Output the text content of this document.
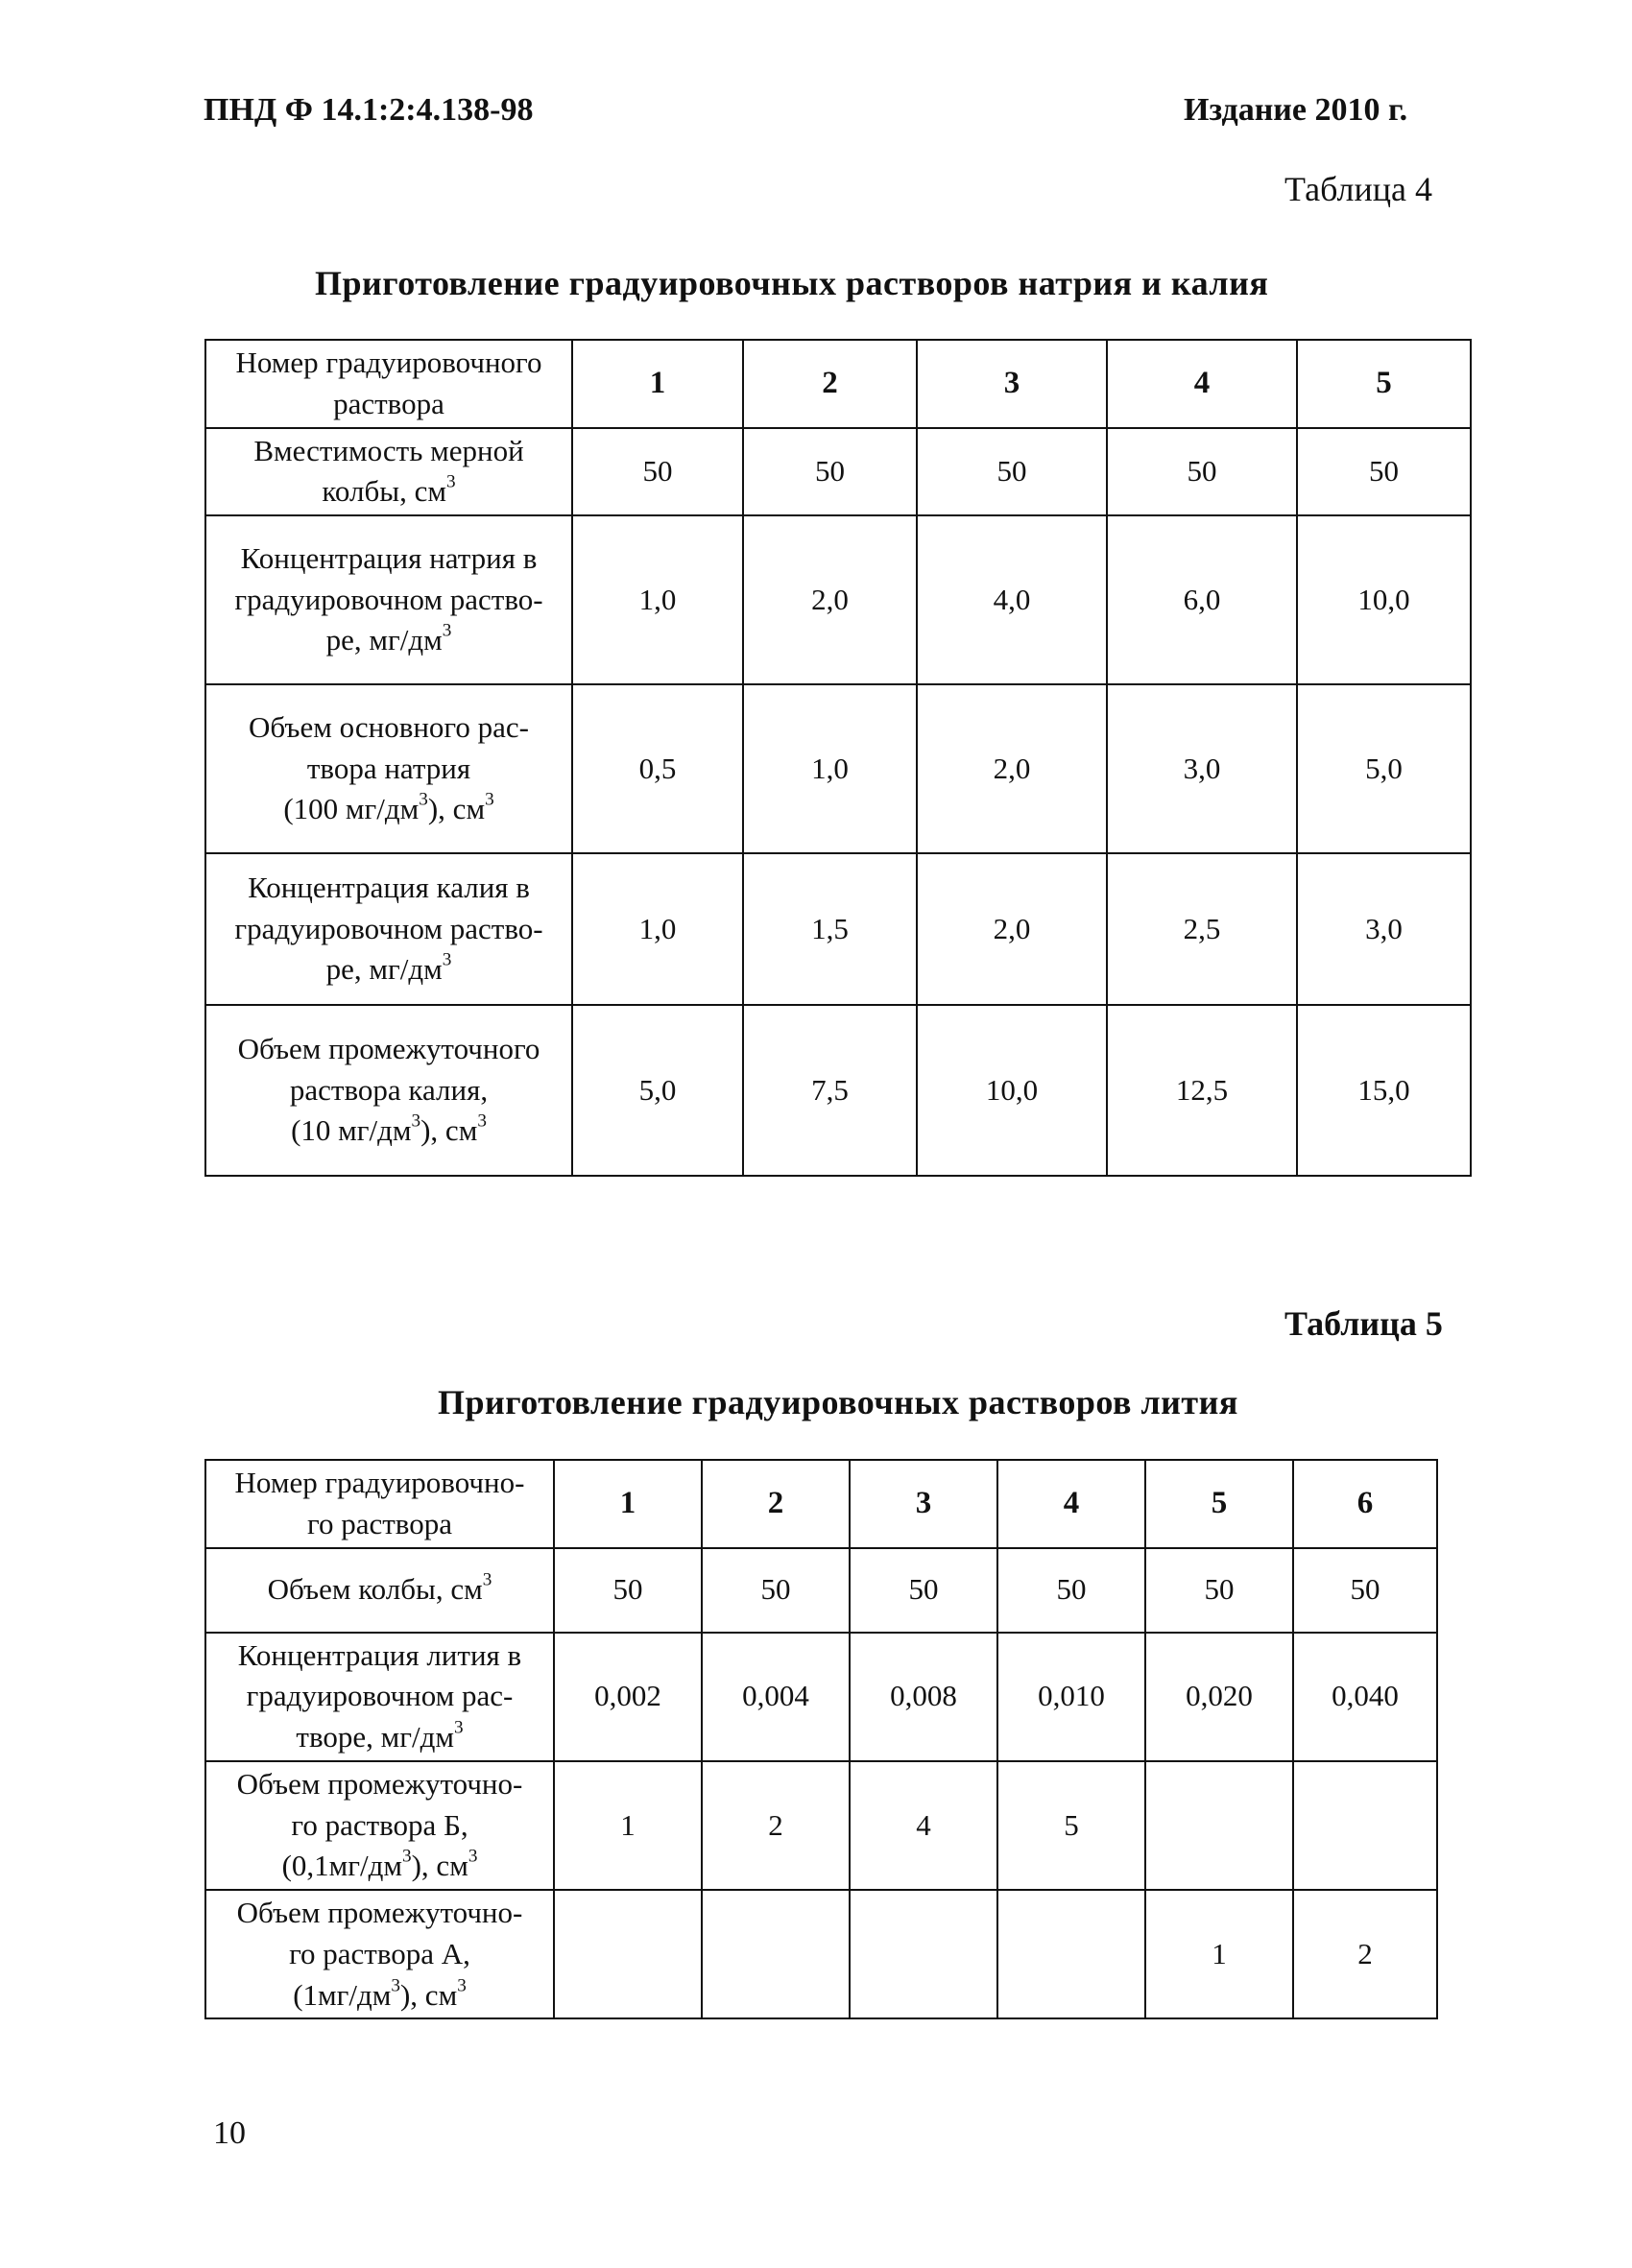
ПНД Ф 14.1:2:4.138-98	Издание 2010 г.
Таблица 4
Приготовление градуировочных растворов натрия и калия
Номер градуировочного
раствора	1	2	3	4	5
Вместимость мерной
колбы, $см^3$	50	50	50	50	50
Концентрация натрия в
градуировочном раство-
ре, $мг/дм^3$	1,0	2,0	4,0	6,0	10,0
Объем основного рас-
твора натрия
(100 $мг/дм^3$), $см^3$	0,5	1,0	2,0	3,0	5,0
Концентрация калия в
градуировочном раство-
ре, $мг/дм^3$	1,0	1,5	2,0	2,5	3,0
Объем промежуточного
раствора калия,
(10 $мг/дм^3$), $см^3$	5,0	7,5	10,0	12,5	15,0
Таблица 5
Приготовление градуировочных растворов лития
Номер градуировочно-
го раствора	1	2	3	4	5	6
Объем колбы, $см^3$	50	50	50	50	50	50
Концентрация лития в
градуировочном рас-
творе, $мг/дм^3$	0,002	0,004	0,008	0,010	0,020	0,040
Объем промежуточно-
го раствора Б,
$(0,1мг/дм^3)$, $см^3$	1	2	4	5		
Объем промежуточно-
го раствора А,
$(1мг/дм^3)$, $см^3$					1	2
10
